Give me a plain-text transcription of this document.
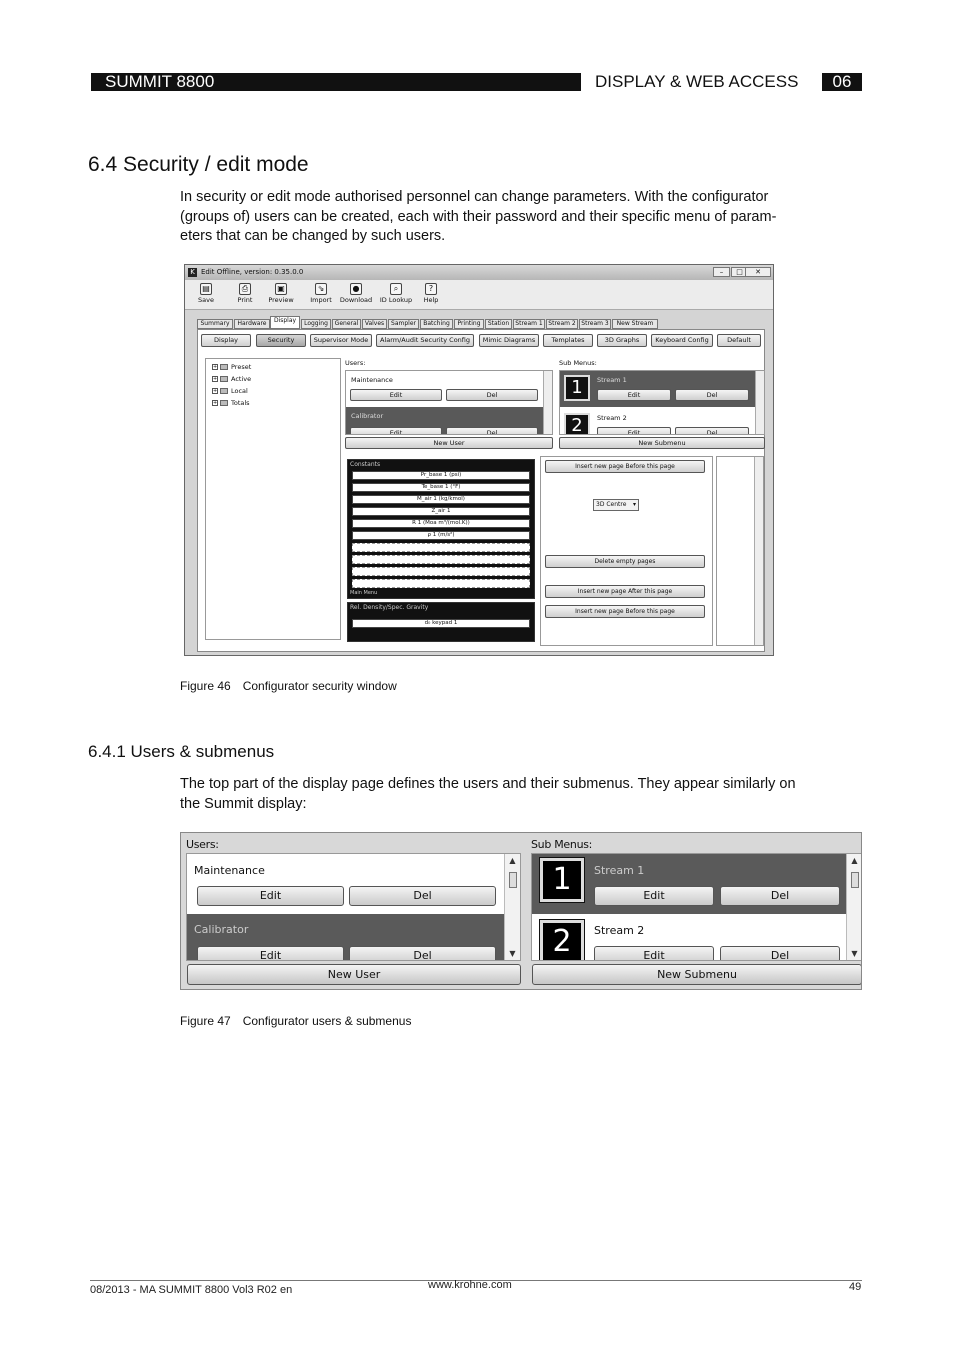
SUMMIT 8800	DISPLAY & WEB ACCESS	06
6.4 Security / edit mode
In security or edit mode authorised personnel can change parameters. With the configurator
(groups of) users can be created, each with their password and their specific menu of param-
eters that can be changed by such users.
K Edit Offline, version: 0.35.0.0	–	□	✕
▤
Save
⎙
Print
▣
Preview
⇘
Import
●
Download
⌕
ID Lookup
?
Help
Summary	Hardware	Display	Logging	General	Valves	Sampler	Batching	Printing	Station	Stream 1 Stream 2 Stream 3	New Stream
Display	Security	Supervisor Mode	Alarm/Audit Security Config	Mimic Diagrams	Templates	3D Graphs	Keyboard Config	Default
+ Preset
+ Active
+ Local
+ Totals
Users:
Maintenance
Edit	Del
Calibrator
Edit	Del
New User
Sub Menus:
1	Stream 1
Edit	Del
2	Stream 2
Edit	Del
New Submenu
Constants
Pr_base 1 (psi)
Te_base 1 (°F)
M_air 1 (kg/kmol)
Z_air 1
R 1 (Moa m³/(mol.K))
ρ 1 (m/s²)
Main Menu
Rel. Density/Spec. Gravity
d₀ keypad 1
Insert new page Before this page
3D Centre ▾
Delete empty pages
Insert new page After this page
Insert new page Before this page
Figure 46 Configurator security window
6.4.1 Users & submenus
The top part of the display page defines the users and their submenus. They appear similarly on
the Summit display:
Users:
Maintenance
Edit	Del
Calibrator
Edit	Del
▲
▼
New User
Sub Menus:
1	Stream 1
Edit	Del
2	Stream 2
Edit	Del
▲
▼
New Submenu
Figure 47 Configurator users & submenus
08/2013 - MA SUMMIT 8800 Vol3 R02 en	www.krohne.com	49
